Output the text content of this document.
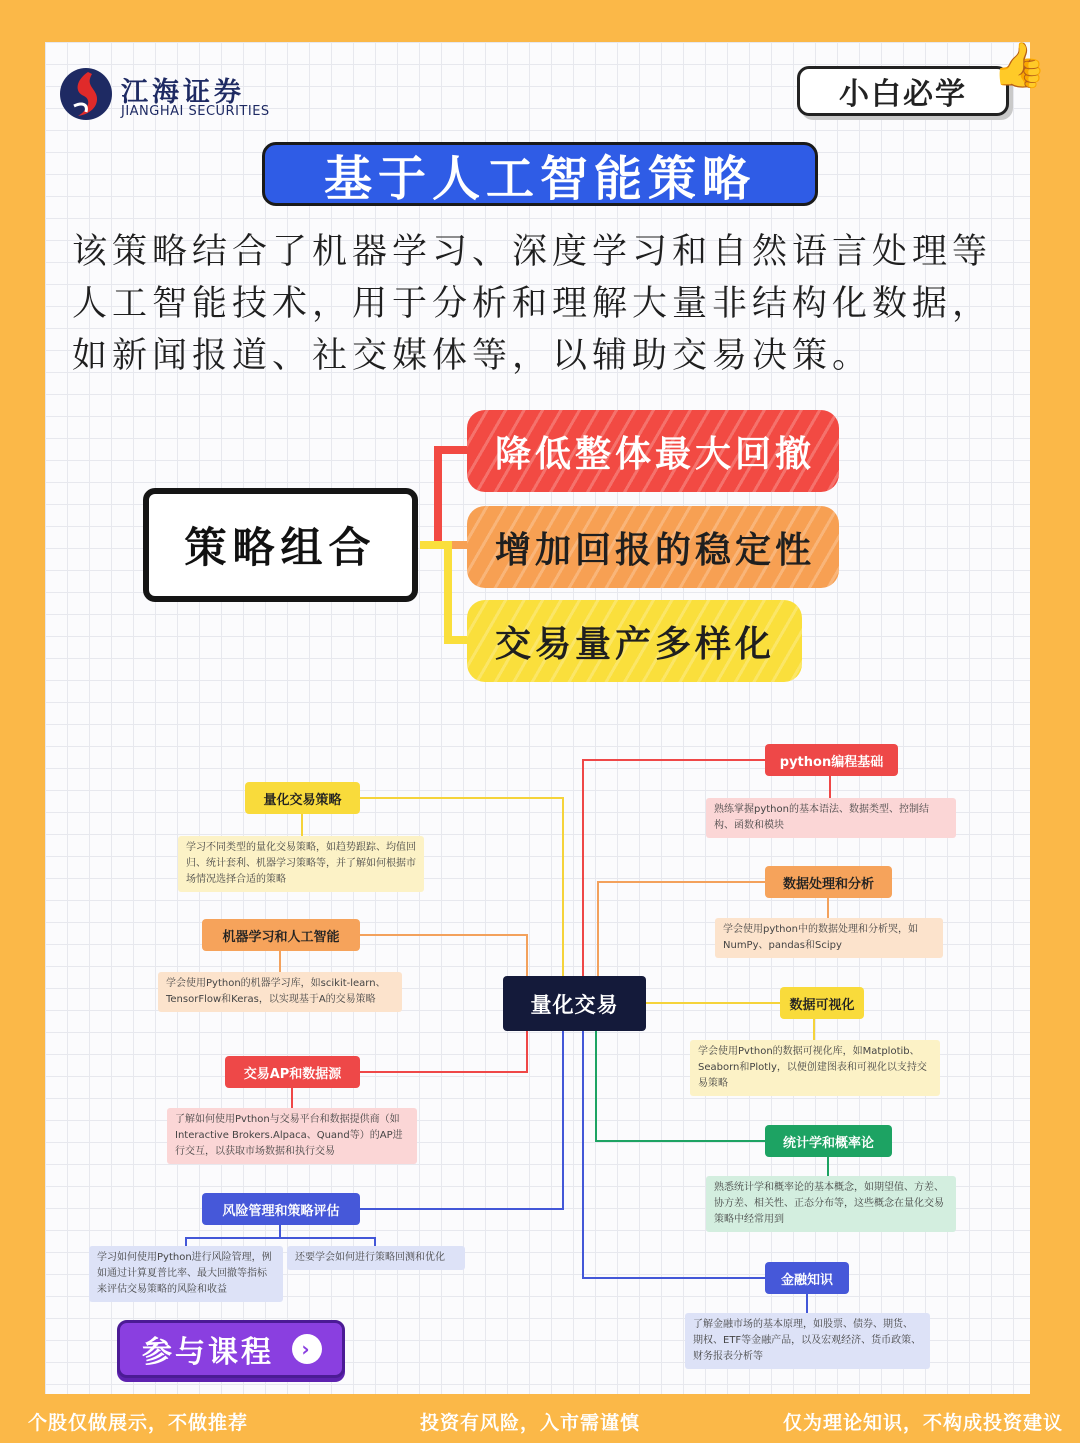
江海证券
JIANGHAI SECURITIES	小白必学
👍
基于人工智能策略
该策略结合了机器学习、深度学习和自然语言处理等人工智能技术，用于分析和理解大量非结构化数据，如新闻报道、社交媒体等，以辅助交易决策。
策略组合
降低整体最大回撤
增加回报的稳定性
交易量产多样化
量化交易
量化交易策略
学习不同类型的量化交易策略，如趋势跟踪、均值回归、统计套利、机器学习策略等，并了解如何根据市场情况选择合适的策略
机器学习和人工智能
学会使用Python的机器学习库，如scikit-learn、TensorFlow和Keras，以实现基于A的交易策略
交易AP和数据源
了解如何使用Pvthon与交易平台和数据提供商（如Interactive Brokers.Alpaca、Quand等）的AP进行交互，以获取市场数据和执行交易
风险管理和策略评估
学习如何使用Python进行风险管理，例如通过计算夏普比率、最大回撤等指标来评估交易策略的风险和收益
还要学会如何进行策略回测和优化
python编程基础
熟练掌握python的基本语法、数据类型、控制结构、函数和模块
数据处理和分析
学会使用python中的数据处理和分析哭，如NumPy、pandas和Scipy
数据可视化
学会使用Pvthon的数据可视化库，如Matplotib、Seaborn和Plotly，以便创建图表和可视化以支持交易策略
统计学和概率论
熟悉统计学和概率论的基本概念，如期望值、方差、协方差、相关性、正态分布等，这些概念在量化交易策略中经常用到
金融知识
了解金融市场的基本原理，如股票、债券、期货、期权、ETF等金融产品，以及宏观经济、货币政策、财务报表分析等
参与课程	›
个股仅做展示，不做推荐	投资有风险，入市需谨慎	仅为理论知识，不构成投资建议
